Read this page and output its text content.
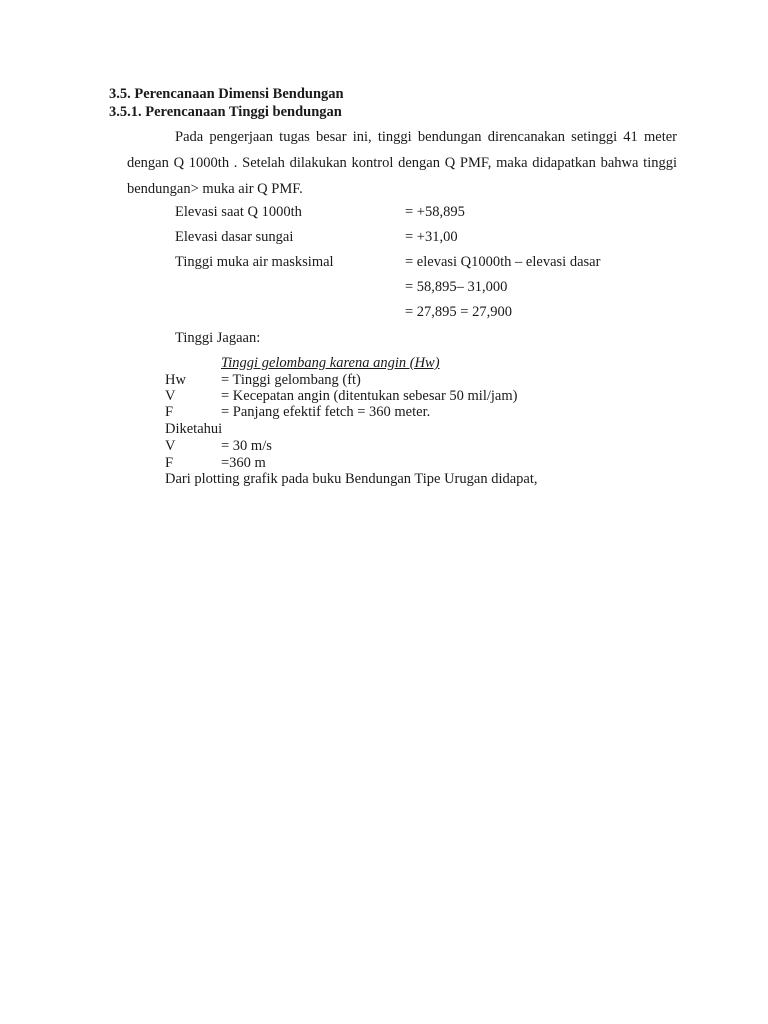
3.5. Perencanaan Dimensi Bendungan
3.5.1. Perencanaan Tinggi bendungan
Pada pengerjaan tugas besar ini, tinggi bendungan direncanakan setinggi 41 meter dengan Q 1000th . Setelah dilakukan kontrol dengan Q PMF, maka didapatkan bahwa tinggi bendungan> muka air Q PMF.
Elevasi saat Q 1000th	= +58,895
Elevasi dasar sungai	= +31,00
Tinggi muka air masksimal	= elevasi Q1000th – elevasi dasar
= 58,895– 31,000
= 27,895 = 27,900
Tinggi Jagaan:
Tinggi gelombang karena angin (Hw)
Hw = Tinggi gelombang (ft)
V	= Kecepatan angin (ditentukan sebesar 50 mil/jam)
F	= Panjang efektif fetch = 360 meter.
Diketahui
V	= 30 m/s
F	=360 m
Dari plotting grafik pada buku Bendungan Tipe Urugan didapat,
